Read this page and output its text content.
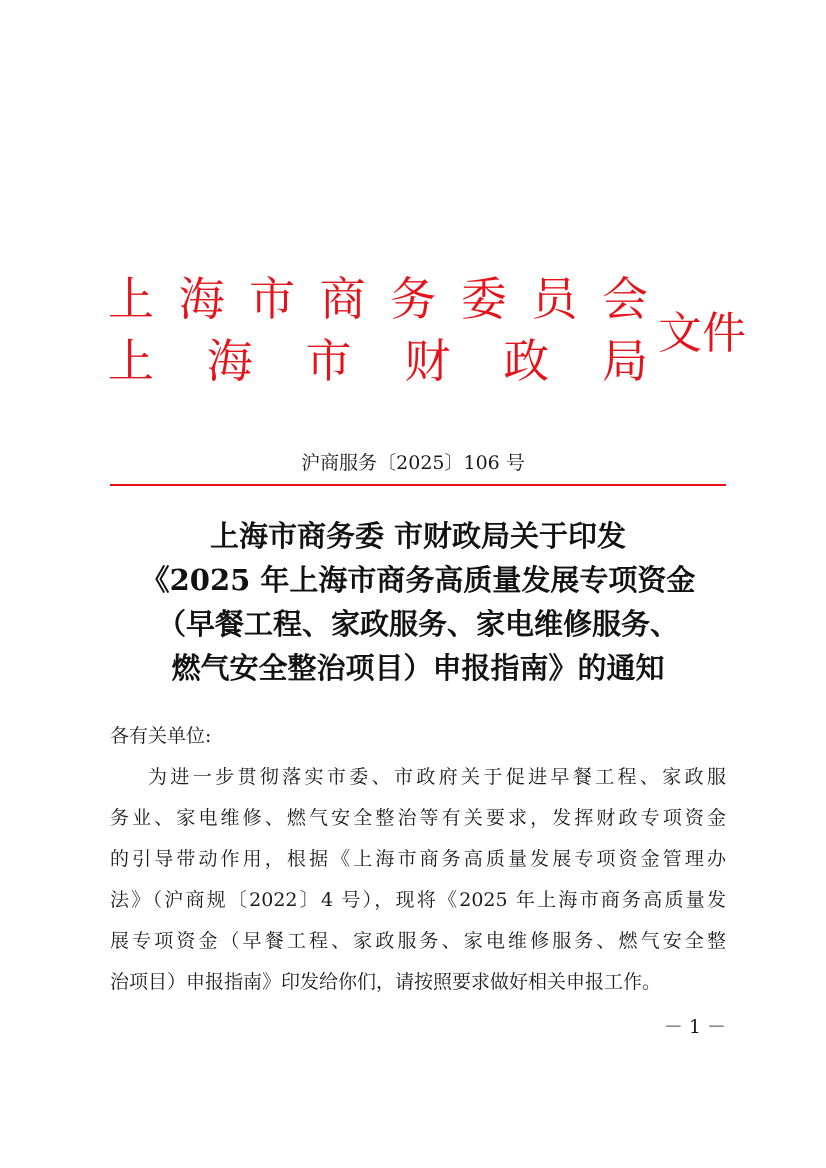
上 海 市 商 务 委 员 会
上 海 市 财 政 局
文件
沪商服务〔2025〕106 号
上海市商务委 市财政局关于印发
《2025 年上海市商务高质量发展专项资金
（早餐工程、家政服务、家电维修服务、
燃气安全整治项目）申报指南》的通知
各有关单位:
为进一步贯彻落实市委、市政府关于促进早餐工程、家政服
务业、家电维修、燃气安全整治等有关要求，发挥财政专项资金
的引导带动作用，根据《上海市商务高质量发展专项资金管理办
法》（沪商规〔2022〕4 号），现将《2025 年上海市商务高质量发
展专项资金（早餐工程、家政服务、家电维修服务、燃气安全整
治项目）申报指南》印发给你们，请按照要求做好相关申报工作。
－ 1 －
